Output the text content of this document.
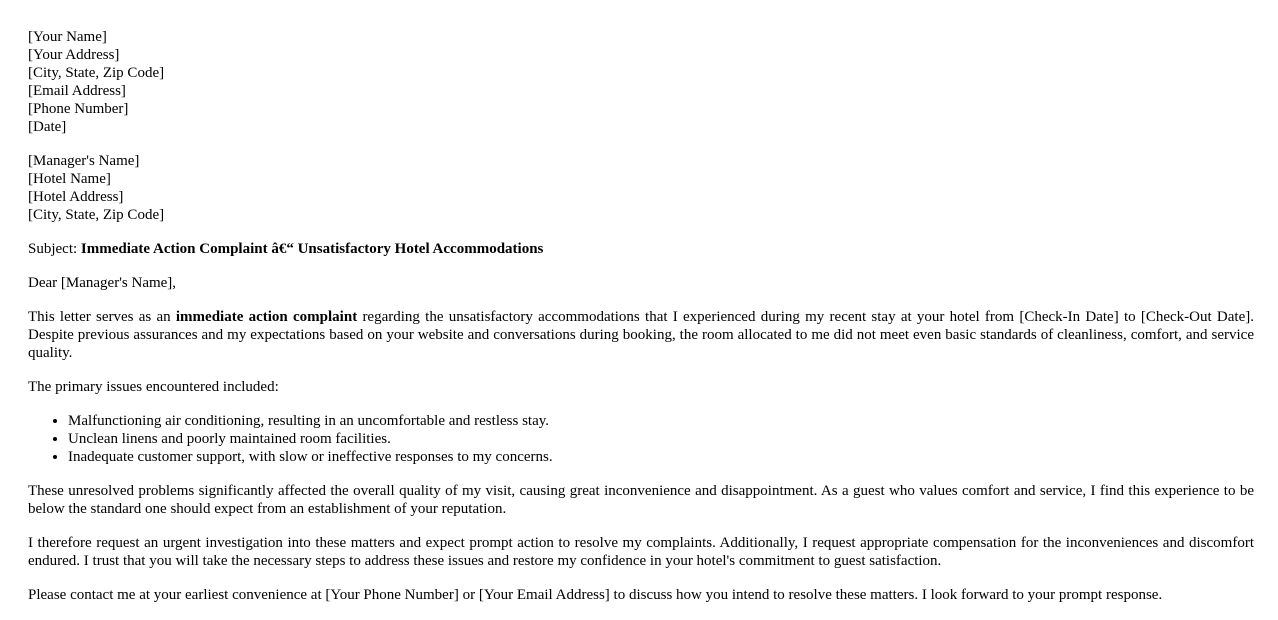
[Your Name]
[Your Address]
[City, State, Zip Code]
[Email Address]
[Phone Number]
[Date]
[Manager's Name]
[Hotel Name]
[Hotel Address]
[City, State, Zip Code]

Subject: Immediate Action Complaint â€“ Unsatisfactory Hotel Accommodations

Dear [Manager's Name],

This letter serves as an immediate action complaint regarding the unsatisfactory accommodations that I experienced during my recent stay at your hotel from [Check-In Date] to [Check-Out Date]. Despite previous assurances and my expectations based on your website and conversations during booking, the room allocated to me did not meet even basic standards of cleanliness, comfort, and service quality.

The primary issues encountered included:

• Malfunctioning air conditioning, resulting in an uncomfortable and restless stay.
• Unclean linens and poorly maintained room facilities.
• Inadequate customer support, with slow or ineffective responses to my concerns.

These unresolved problems significantly affected the overall quality of my visit, causing great inconvenience and disappointment. As a guest who values comfort and service, I find this experience to be below the standard one should expect from an establishment of your reputation.

I therefore request an urgent investigation into these matters and expect prompt action to resolve my complaints. Additionally, I request appropriate compensation for the inconveniences and discomfort endured. I trust that you will take the necessary steps to address these issues and restore my confidence in your hotel's commitment to guest satisfaction.

Please contact me at your earliest convenience at [Your Phone Number] or [Your Email Address] to discuss how you intend to resolve these matters. I look forward to your prompt response.
